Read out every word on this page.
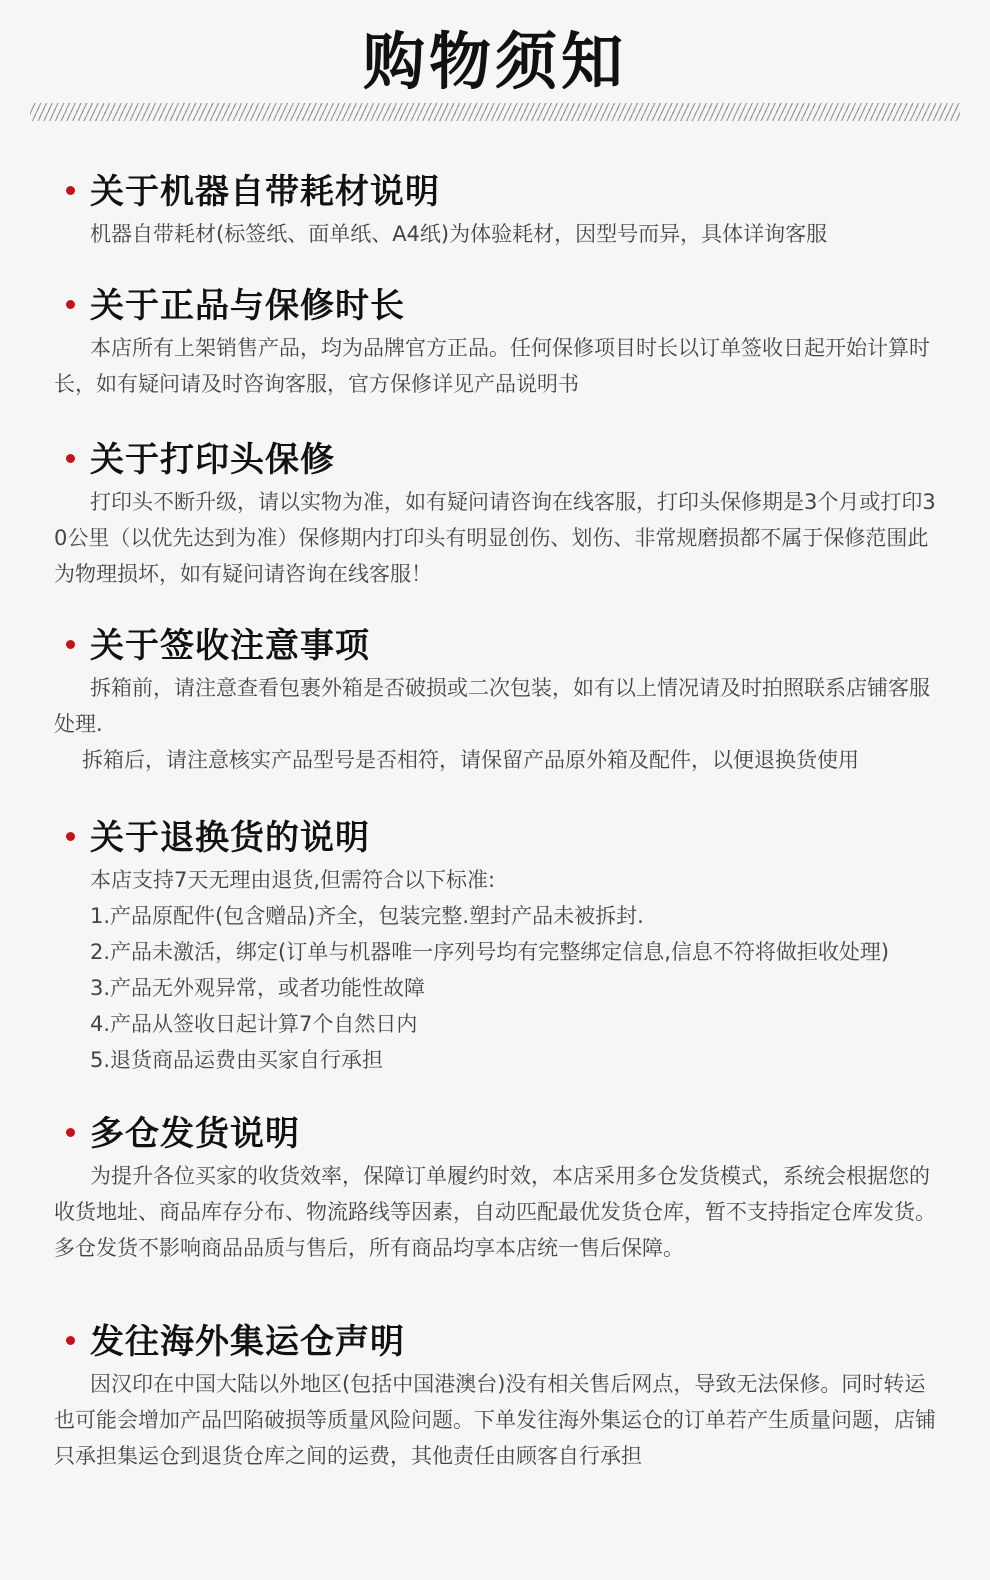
购物须知
关于机器自带耗材说明

机器自带耗材(标签纸、面单纸、A4纸)为体验耗材，因型号而异，具体详询客服

关于正品与保修时长

本店所有上架销售产品，均为品牌官方正品。任何保修项目时长以订单签收日起开始计算时长，如有疑问请及时咨询客服，官方保修详见产品说明书

关于打印头保修

打印头不断升级，请以实物为准，如有疑问请咨询在线客服，打印头保修期是3个月或打印30公里（以优先达到为准）保修期内打印头有明显创伤、划伤、非常规磨损都不属于保修范围此为物理损坏，如有疑问请咨询在线客服！

关于签收注意事项

拆箱前，请注意查看包裹外箱是否破损或二次包装，如有以上情况请及时拍照联系店铺客服处理.

拆箱后，请注意核实产品型号是否相符，请保留产品原外箱及配件，以便退换货使用

关于退换货的说明

本店支持7天无理由退货,但需符合以下标准:

1.产品原配件(包含赠品)齐全，包装完整.塑封产品未被拆封.

2.产品未激活，绑定(订单与机器唯一序列号均有完整绑定信息,信息不符将做拒收处理)

3.产品无外观异常，或者功能性故障

4.产品从签收日起计算7个自然日内

5.退货商品运费由买家自行承担

多仓发货说明

为提升各位买家的收货效率，保障订单履约时效，本店采用多仓发货模式，系统会根据您的收货地址、商品库存分布、物流路线等因素，自动匹配最优发货仓库，暂不支持指定仓库发货。多仓发货不影响商品品质与售后，所有商品均享本店统一售后保障。

发往海外集运仓声明

因汉印在中国大陆以外地区(包括中国港澳台)没有相关售后网点，导致无法保修。同时转运也可能会增加产品凹陷破损等质量风险问题。下单发往海外集运仓的订单若产生质量问题，店铺只承担集运仓到退货仓库之间的运费，其他责任由顾客自行承担
